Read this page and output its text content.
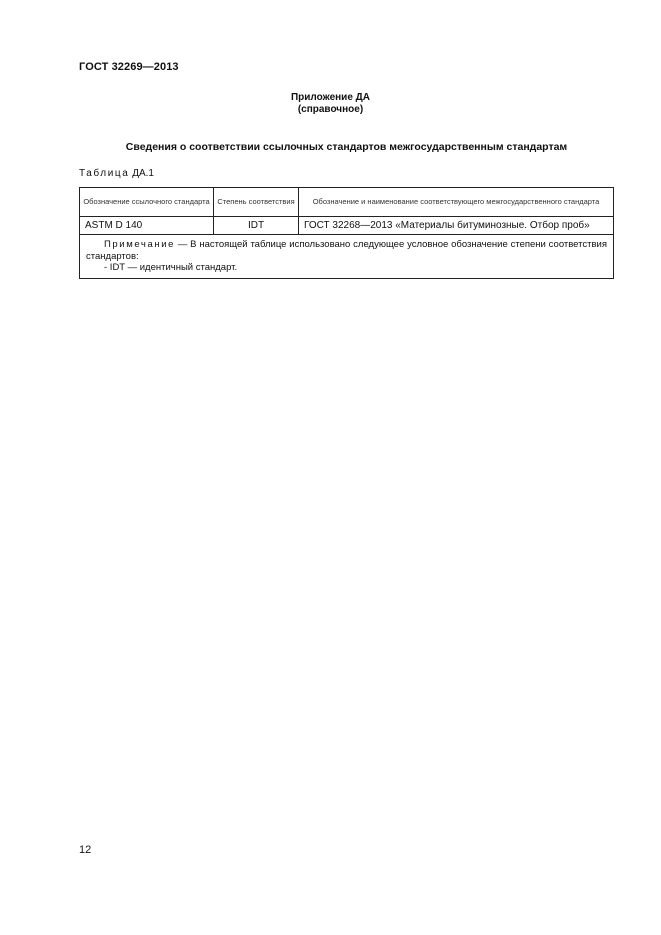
ГОСТ 32269—2013
Приложение ДА
(справочное)
Сведения о соответствии ссылочных стандартов межгосударственным стандартам
Таблица ДА.1
Обозначение ссылочного стандарта	Степень соответствия	Обозначение и наименование соответствующего межгосударственного стандарта
ASTM D 140	IDT	ГОСТ 32268—2013 «Материалы битуминозные. Отбор проб»

Примечание — В настоящей таблице использовано следующее условное обозначение степени соответствия стандартов:
- IDT — идентичный стандарт.		
12
